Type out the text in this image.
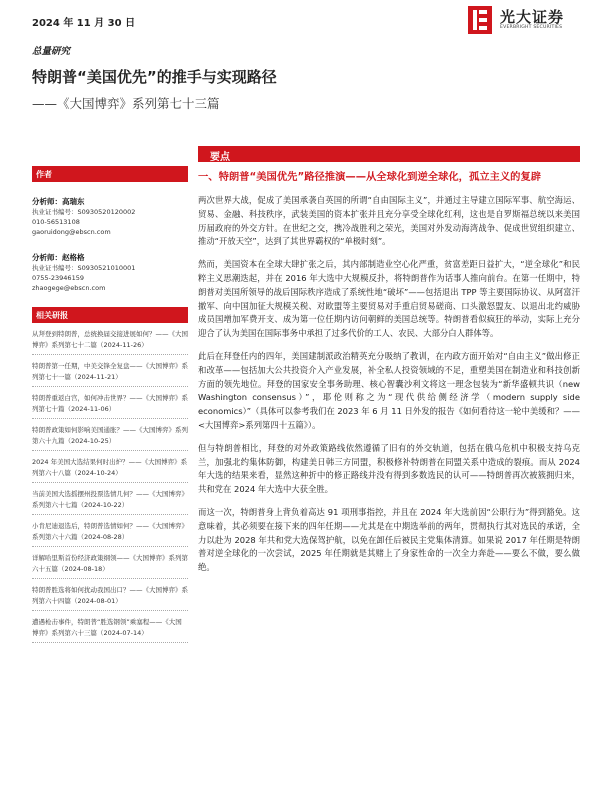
2024 年 11 月 30 日	光大证券
EVERBRIGHT SECURITIES
总量研究
特朗普“美国优先”的推手与实现路径
——《大国博弈》系列第七十三篇
要点
作者
分析师：高瑞东
执业证书编号：S0930520120002
010-56513108
gaoruidong@ebscn.com
分析师：赵格格
执业证书编号：S0930521010001
0755-23946159
zhaogege@ebscn.com
相关研报
从拜登到特朗普，总统换届交接进展如何？——《大国博弈》系列第七十二篇（2024-11-26）
特朗普第一任期，中美交锋全复盘——《大国博弈》系列第七十一篇（2024-11-21）
特朗普重返白宫，如何冲击世界？——《大国博弈》系列第七十篇（2024-11-06）
特朗普政策如何影响美国通胀？——《大国博弈》系列第六十九篇（2024-10-25）
2024 年美国大选结果何时出炉？——《大国博弈》系列第六十八篇（2024-10-24）
当前美国大选摇摆州投票选情几何？——《大国博弈》系列第六十七篇（2024-10-22）
小肯尼迪退选后，特朗普选情如何？——《大国博弈》系列第六十六篇（2024-08-28）
详解哈里斯首份经济政策纲领——《大国博弈》系列第六十五篇（2024-08-18）
特朗普胜选将如何扰动我国出口？——《大国博弈》系列第六十四篇（2024-08-01）
遭遇枪击事件，特朗普“胜选钢领”乘塞程——《大国博弈》系列第六十三篇（2024-07-14）
一、特朗普“美国优先”路径推演——从全球化到逆全球化，孤立主义的复辟

两次世界大战，促成了美国承袭自英国的所谓“自由国际主义”，并通过主导建立国际军事、航空海运、贸易、金融、科技秩序，武装美国的资本扩张并且充分享受全球化红利，这也是自罗斯福总统以来美国历届政府的外交方针。在世纪之交，携冷战胜利之荣光，美国对外发动海湾战争、促成世贸组织建立、推动“开放天空”，达到了其世界霸权的“单极时刻”。

然而，美国资本在全球大肆扩张之后，其内部制造业空心化严重，贫富差距日益扩大，“逆全球化”和民粹主义思潮迭起，并在 2016 年大选中大规模反扑，将特朗普作为话事人推向前台。在第一任期中，特朗普对美国所领导的战后国际秩序造成了系统性地“破坏”——包括退出 TPP 等主要国际协议、从阿富汗撤军、向中国加征大规模关税、对欧盟等主要贸易对手重启贸易磋商、口头激怒盟友、以退出北约威胁成员国增加军费开支、成为第一位任期内访问朝鲜的美国总统等。特朗普看似疯狂的举动，实际上充分迎合了认为美国在国际事务中承担了过多代价的工人、农民、大部分白人群体等。

此后在拜登任内的四年，美国建制派政治精英充分吸纳了教训，在内政方面开始对“自由主义”做出修正和改革——包括加大公共投资介入产业发展，补全私人投资领域的不足，重塑美国在制造业和科技创新方面的领先地位。拜登的国家安全事务助理、核心智囊沙利文将这一理念包装为“新华盛顿共识（new Washington consensus）”，耶伦则称之为“现代供给侧经济学（modern supply side economics）”（具体可以参考我们在 2023 年 6 月 11 日外发的报告《如何看待这一轮中美缓和？——<大国博弈>系列第四十五篇》）。

但与特朗普相比，拜登的对外政策路线依然遵循了旧有的外交轨道，包括在俄乌危机中积极支持乌克兰，加强北约集体防御，构建美日韩三方同盟，积极修补特朗普在同盟关系中造成的裂痕。而从 2024 年大选的结果来看，显然这种折中的修正路线并没有得到多数选民的认可——特朗普再次被簇拥归来，共和党在 2024 年大选中大获全胜。

而这一次，特朗普身上背负着高达 91 项刑事指控，并且在 2024 年大选前因“公职行为”得到豁免。这意味着，其必须要在接下来的四年任期——尤其是在中期选举前的两年，贯彻执行其对选民的承诺，全力以赴为 2028 年共和党大选保驾护航，以免在卸任后被民主党集体清算。如果说 2017 年任期是特朗普对逆全球化的一次尝试，2025 年任期就是其赌上了身家性命的一次全力奔赴——要么不做，要么做绝。
